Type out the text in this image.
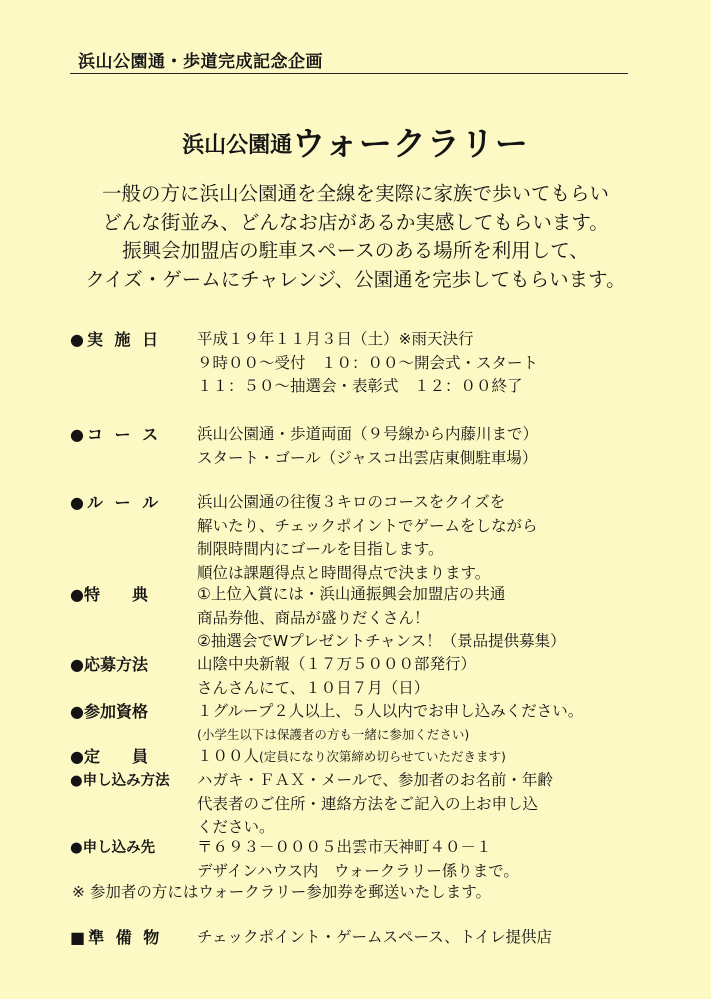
浜山公園通・歩道完成記念企画
浜山公園通ウォークラリー
一般の方に浜山公園通を全線を実際に家族で歩いてもらい
どんな街並み、どんなお店があるか実感してもらいます。
振興会加盟店の駐車スペースのある場所を利用して、
クイズ・ゲームにチャレンジ、公園通を完歩してもらいます。
●実 施 日	平成１９年１１月３日（土）※雨天決行
９時００～受付　１０：００～開会式・スタート
１１：５０～抽選会・表彰式　１２：００終了
●コ ー ス	浜山公園通・歩道両面（９号線から内藤川まで）
スタート・ゴール（ジャスコ出雲店東側駐車場）
●ル ー ル	浜山公園通の往復３キロのコースをクイズを
解いたり、チェックポイントでゲームをしながら
制限時間内にゴールを目指します。
順位は課題得点と時間得点で決まります。
●特　　典	①上位入賞には・浜山通振興会加盟店の共通
商品券他、商品が盛りだくさん！
②抽選会でWプレゼントチャンス！（景品提供募集）
●応募方法	山陰中央新報（１７万５０００部発行）
さんさんにて、１０日７月（日）
●参加資格	１グループ２人以上、５人以内でお申し込みください。
(小学生以下は保護者の方も一緒に参加ください)
●定　　員	１００人(定員になり次第締め切らせていただきます)
●申し込み方法	ハガキ・ＦＡＸ・メールで、参加者のお名前・年齢
代表者のご住所・連絡方法をご記入の上お申し込
ください。
●申し込み先	〒６９３－０００５出雲市天神町４０－１
デザインハウス内　ウォークラリー係りまで。
※ 参加者の方にはウォークラリー参加券を郵送いたします。
■準 備 物	チェックポイント・ゲームスペース、トイレ提供店
